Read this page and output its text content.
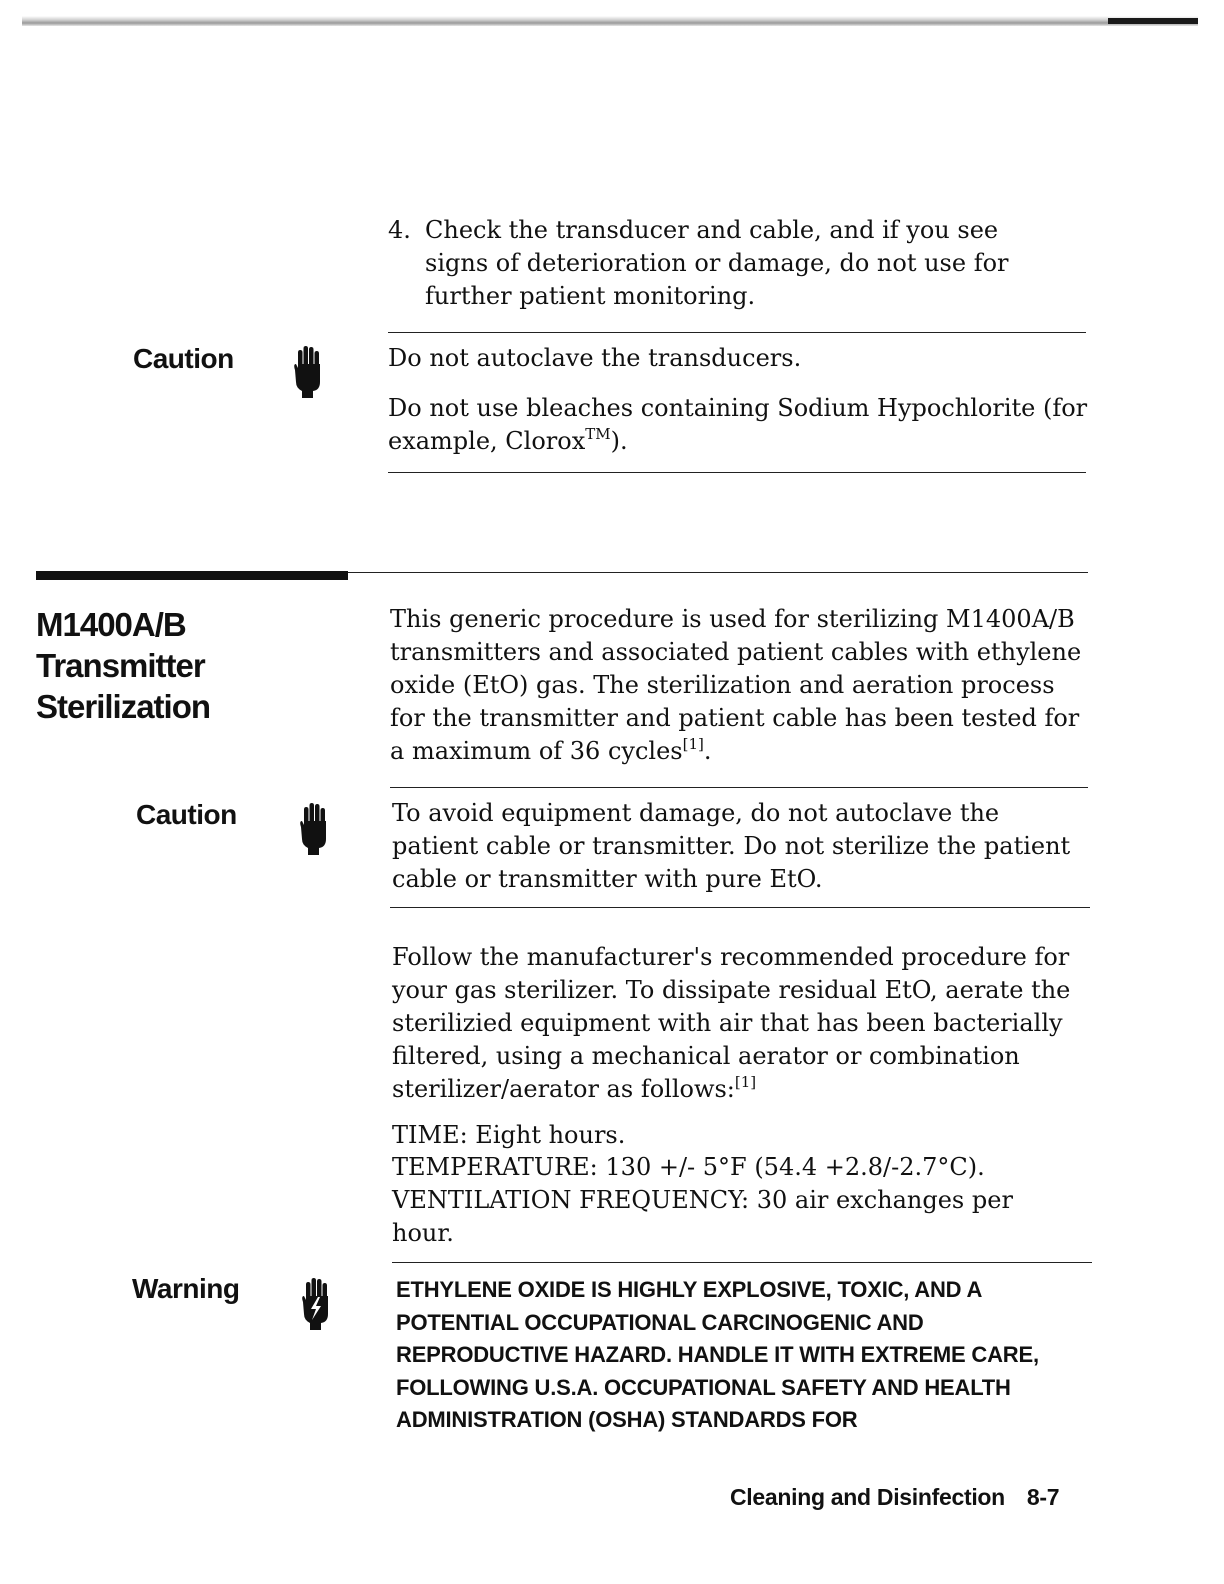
4. Check the transducer and cable, and if you see signs of deterioration or damage, do not use for further patient monitoring.

Caution	Do not autoclave the transducers.

Do not use bleaches containing Sodium Hypochlorite (for example, Clorox™).

M1400A/B
Transmitter
Sterilization

This generic procedure is used for sterilizing M1400A/B transmitters and associated patient cables with ethylene oxide (EtO) gas. The sterilization and aeration process for the transmitter and patient cable has been tested for a maximum of 36 cycles[1].

Caution	To avoid equipment damage, do not autoclave the patient cable or transmitter. Do not sterilize the patient cable or transmitter with pure EtO.

Follow the manufacturer's recommended procedure for your gas sterilizer. To dissipate residual EtO, aerate the sterilizied equipment with air that has been bacterially filtered, using a mechanical aerator or combination sterilizer/aerator as follows:[1]

TIME: Eight hours.

TEMPERATURE: 130 +/- 5°F (54.4 +2.8/-2.7°C).

VENTILATION FREQUENCY: 30 air exchanges per hour.

Warning	ETHYLENE OXIDE IS HIGHLY EXPLOSIVE, TOXIC, AND A POTENTIAL OCCUPATIONAL CARCINOGENIC AND REPRODUCTIVE HAZARD. HANDLE IT WITH EXTREME CARE, FOLLOWING U.S.A. OCCUPATIONAL SAFETY AND HEALTH ADMINISTRATION (OSHA) STANDARDS FOR

Cleaning and Disinfection 8-7
